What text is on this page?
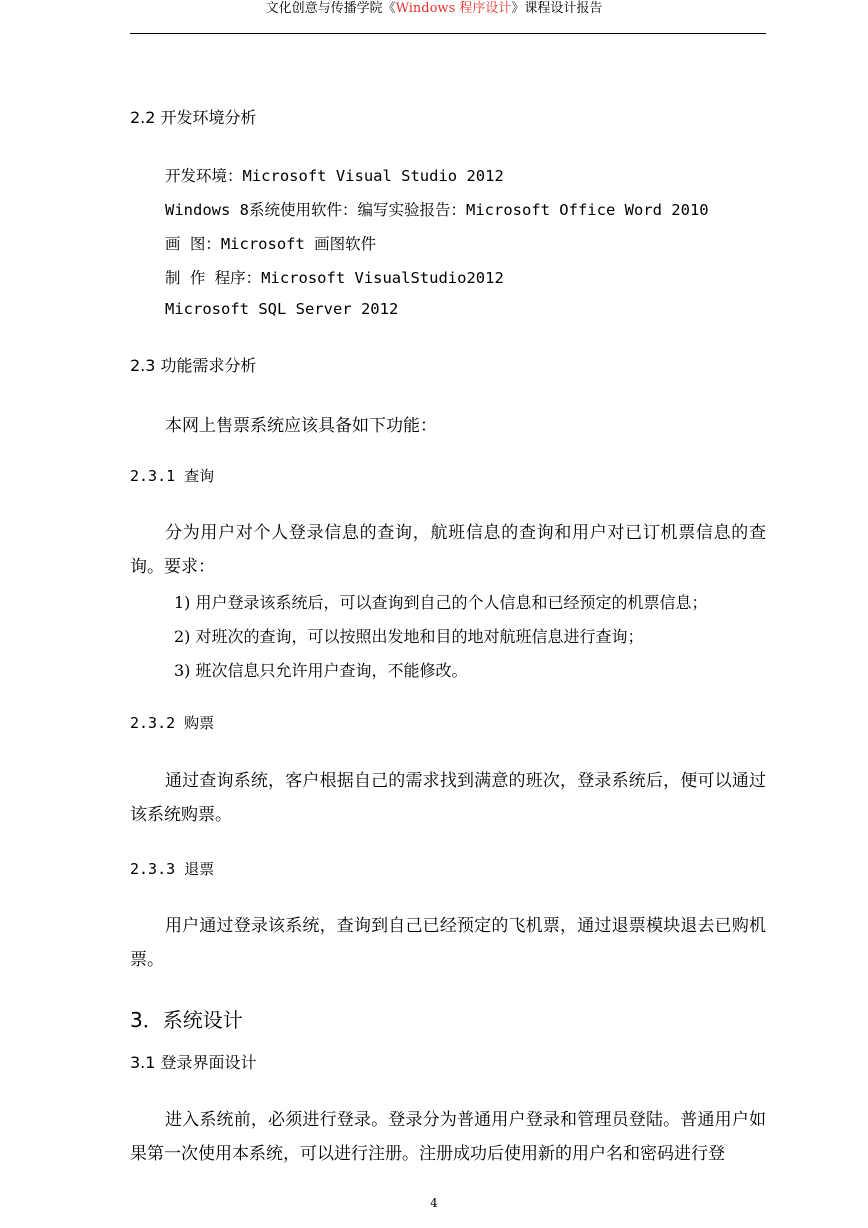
文化创意与传播学院《Windows 程序设计》课程设计报告
2.2 开发环境分析
开发环境：Microsoft Visual Studio 2012
Windows 8系统使用软件：编写实验报告：Microsoft Office Word 2010
画 图：Microsoft 画图软件
制 作 程序：Microsoft VisualStudio2012
Microsoft SQL Server 2012
2.3 功能需求分析
本网上售票系统应该具备如下功能：
2.3.1 查询
分为用户对个人登录信息的查询，航班信息的查询和用户对已订机票信息的查询。要求：
1) 用户登录该系统后，可以查询到自己的个人信息和已经预定的机票信息；
2) 对班次的查询，可以按照出发地和目的地对航班信息进行查询；
3) 班次信息只允许用户查询，不能修改。
2.3.2 购票
通过查询系统，客户根据自己的需求找到满意的班次，登录系统后，便可以通过该系统购票。
2.3.3 退票
用户通过登录该系统，查询到自己已经预定的飞机票，通过退票模块退去已购机票。
3．系统设计
3.1 登录界面设计
进入系统前，必须进行登录。登录分为普通用户登录和管理员登陆。普通用户如果第一次使用本系统，可以进行注册。注册成功后使用新的用户名和密码进行登
4
